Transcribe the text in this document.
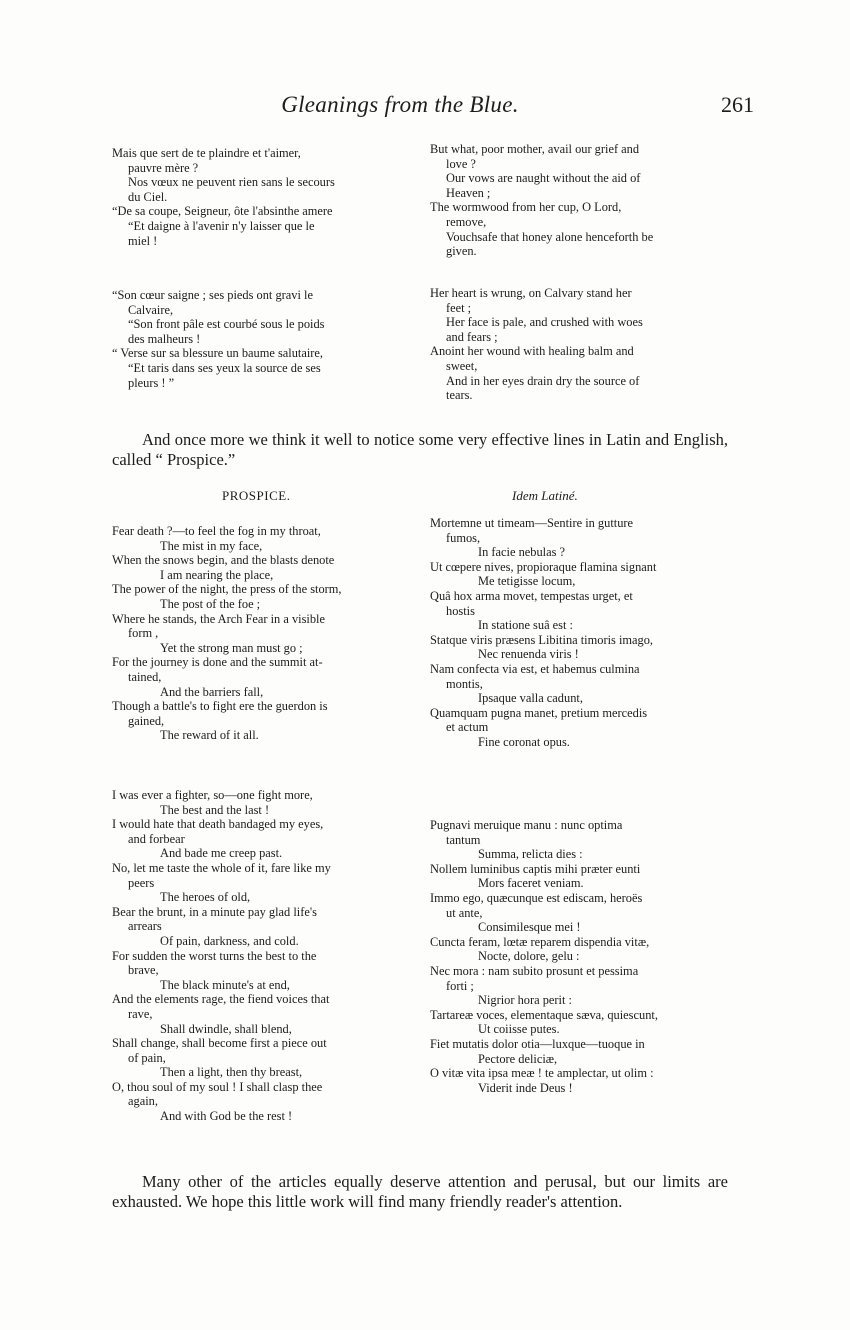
Gleanings from the Blue.	261
Mais que sert de te plaindre et t'aimer,
pauvre mère ?
Nos vœux ne peuvent rien sans le secours
du Ciel.
“De sa coupe, Seigneur, ôte l'absinthe amere
“Et daigne à l'avenir n'y laisser que le
miel !
But what, poor mother, avail our grief and
love ?
Our vows are naught without the aid of
Heaven ;
The wormwood from her cup, O Lord,
remove,
Vouchsafe that honey alone henceforth be
given.
“Son cœur saigne ; ses pieds ont gravi le
Calvaire,
“Son front pâle est courbé sous le poids
des malheurs !
“ Verse sur sa blessure un baume salutaire,
“Et taris dans ses yeux la source de ses
pleurs ! ”
Her heart is wrung, on Calvary stand her
feet ;
Her face is pale, and crushed with woes
and fears ;
Anoint her wound with healing balm and
sweet,
And in her eyes drain dry the source of
tears.

And once more we think it well to notice some very effective lines in Latin and English, called “ Prospice.”

PROSPICE.	Idem Latiné.
Fear death ?—to feel the fog in my throat,
The mist in my face,
When the snows begin, and the blasts denote
I am nearing the place,
The power of the night, the press of the storm,
The post of the foe ;
Where he stands, the Arch Fear in a visible
form ,
Yet the strong man must go ;
For the journey is done and the summit at-
tained,
And the barriers fall,
Though a battle's to fight ere the guerdon is
gained,
The reward of it all.
Mortemne ut timeam—Sentire in gutture
fumos,
In facie nebulas ?
Ut cœpere nives, propioraque flamina signant
Me tetigisse locum,
Quâ hox arma movet, tempestas urget, et
hostis
In statione suâ est :
Statque viris præsens Libitina timoris imago,
Nec renuenda viris !
Nam confecta via est, et habemus culmina
montis,
Ipsaque valla cadunt,
Quamquam pugna manet, pretium mercedis
et actum
Fine coronat opus.
I was ever a fighter, so—one fight more,
The best and the last !
I would hate that death bandaged my eyes,
and forbear
And bade me creep past.
No, let me taste the whole of it, fare like my
peers
The heroes of old,
Bear the brunt, in a minute pay glad life's
arrears
Of pain, darkness, and cold.
For sudden the worst turns the best to the
brave,
The black minute's at end,
And the elements rage, the fiend voices that
rave,
Shall dwindle, shall blend,
Shall change, shall become first a piece out
of pain,
Then a light, then thy breast,
O, thou soul of my soul ! I shall clasp thee
again,
And with God be the rest !
Pugnavi meruique manu : nunc optima
tantum
Summa, relicta dies :
Nollem luminibus captis mihi præter eunti
Mors faceret veniam.
Immo ego, quæcunque est ediscam, heroës
ut ante,
Consimilesque mei !
Cuncta feram, lœtæ reparem dispendia vitæ,
Nocte, dolore, gelu :
Nec mora : nam subito prosunt et pessima
forti ;
Nigrior hora perit :
Tartareæ voces, elementaque sæva, quiescunt,
Ut coiisse putes.
Fiet mutatis dolor otia—luxque—tuoque in
Pectore deliciæ,
O vitæ vita ipsa meæ ! te amplectar, ut olim :
Viderit inde Deus !

Many other of the articles equally deserve attention and perusal, but our limits are exhausted. We hope this little work will find many friendly reader's attention.
